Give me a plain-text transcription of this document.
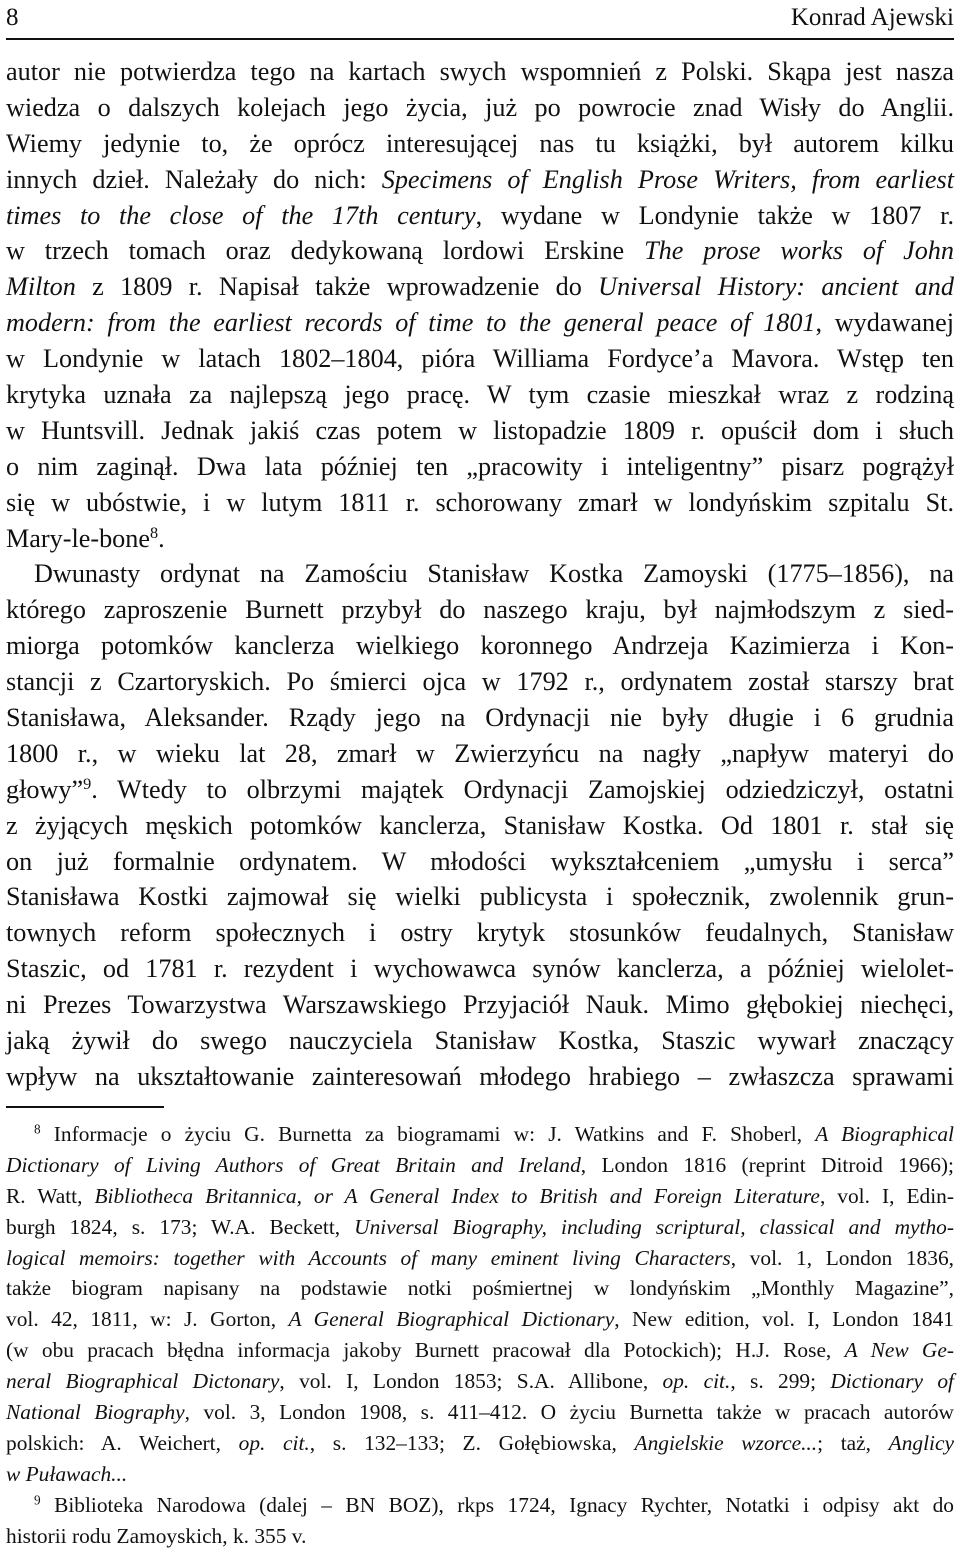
8	Konrad Ajewski
autor nie potwierdza tego na kartach swych wspomnień z Polski. Skąpa jest nasza
wiedza o dalszych kolejach jego życia, już po powrocie znad Wisły do Anglii.
Wiemy jedynie to, że oprócz interesującej nas tu książki, był autorem kilku
innych dzieł. Należały do nich: Specimens of English Prose Writers, from earliest
times to the close of the 17th century, wydane w Londynie także w 1807 r.
w trzech tomach oraz dedykowaną lordowi Erskine The prose works of John
Milton z 1809 r. Napisał także wprowadzenie do Universal History: ancient and
modern: from the earliest records of time to the general peace of 1801, wydawanej
w Londynie w latach 1802–1804, pióra Williama Fordyce’a Mavora. Wstęp ten
krytyka uznała za najlepszą jego pracę. W tym czasie mieszkał wraz z rodziną
w Huntsvill. Jednak jakiś czas potem w listopadzie 1809 r. opuścił dom i słuch
o nim zaginął. Dwa lata później ten „pracowity i inteligentny” pisarz pogrążył
się w ubóstwie, i w lutym 1811 r. schorowany zmarł w londyńskim szpitalu St.
Mary-le-bone$^8$.
Dwunasty ordynat na Zamościu Stanisław Kostka Zamoyski (1775–1856), na
którego zaproszenie Burnett przybył do naszego kraju, był najmłodszym z sied-
miorga potomków kanclerza wielkiego koronnego Andrzeja Kazimierza i Kon-
stancji z Czartoryskich. Po śmierci ojca w 1792 r., ordynatem został starszy brat
Stanisława, Aleksander. Rządy jego na Ordynacji nie były długie i 6 grudnia
1800 r., w wieku lat 28, zmarł w Zwierzyńcu na nagły „napływ materyi do
głowy”$^9$. Wtedy to olbrzymi majątek Ordynacji Zamojskiej odziedziczył, ostatni
z żyjących męskich potomków kanclerza, Stanisław Kostka. Od 1801 r. stał się
on już formalnie ordynatem. W młodości wykształceniem „umysłu i serca”
Stanisława Kostki zajmował się wielki publicysta i społecznik, zwolennik grun-
townych reform społecznych i ostry krytyk stosunków feudalnych, Stanisław
Staszic, od 1781 r. rezydent i wychowawca synów kanclerza, a później wielolet-
ni Prezes Towarzystwa Warszawskiego Przyjaciół Nauk. Mimo głębokiej niechęci,
jaką żywił do swego nauczyciela Stanisław Kostka, Staszic wywarł znaczący
wpływ na ukształtowanie zainteresowań młodego hrabiego – zwłaszcza sprawami
$^8$ Informacje o życiu G. Burnetta za biogramami w: J. Watkins and F. Shoberl, A Biographical
Dictionary of Living Authors of Great Britain and Ireland, London 1816 (reprint Ditroid 1966);
R. Watt, Bibliotheca Britannica, or A General Index to British and Foreign Literature, vol. I, Edin-
burgh 1824, s. 173; W.A. Beckett, Universal Biography, including scriptural, classical and mytho-
logical memoirs: together with Accounts of many eminent living Characters, vol. 1, London 1836,
także biogram napisany na podstawie notki pośmiertnej w londyńskim „Monthly Magazine”,
vol. 42, 1811, w: J. Gorton, A General Biographical Dictionary, New edition, vol. I, London 1841
(w obu pracach błędna informacja jakoby Burnett pracował dla Potockich); H.J. Rose, A New Ge-
neral Biographical Dictonary, vol. I, London 1853; S.A. Allibone, op. cit., s. 299; Dictionary of
National Biography, vol. 3, London 1908, s. 411–412. O życiu Burnetta także w pracach autorów
polskich: A. Weichert, op. cit., s. 132–133; Z. Gołębiowska, Angielskie wzorce...; taż, Anglicy
w Puławach...
$^9$ Biblioteka Narodowa (dalej – BN BOZ), rkps 1724, Ignacy Rychter, Notatki i odpisy akt do
historii rodu Zamoyskich, k. 355 v.
